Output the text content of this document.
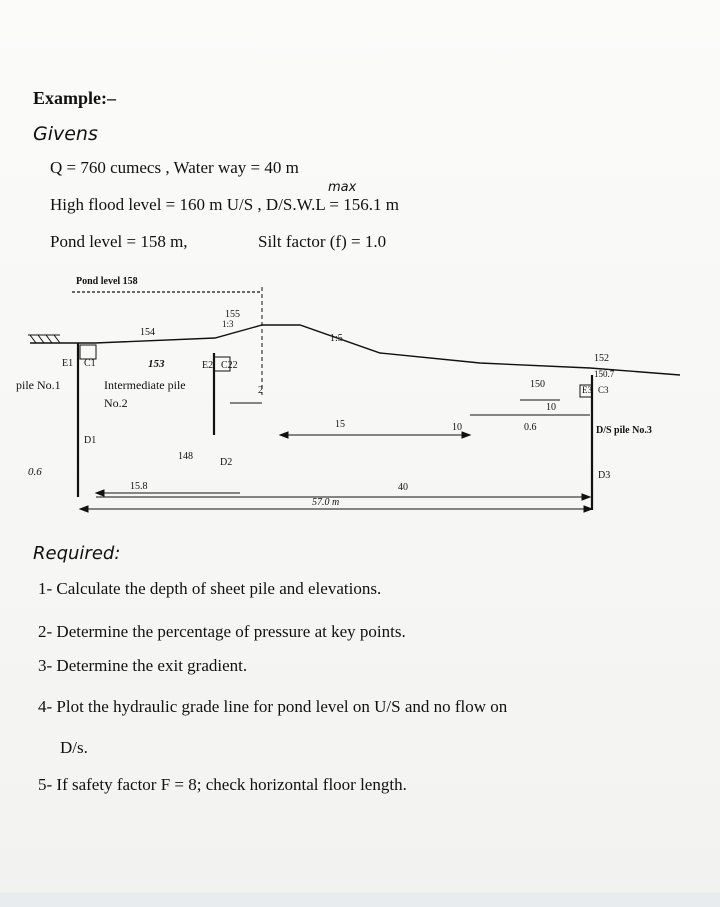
Example:–
Givens
Q = 760 cumecs , Water way = 40 m
max
High flood level = 160 m U/S , D/S.W.L = 156.1 m
Pond level = 158 m,	Silt factor (f) = 1.0
Pond level 158
154
155
1:3
1:5
153
E1 C1	E2 C22
pile No.1	Intermediate pile
No.2
D1
2
15	10
150
10
0.6
152
150.7
E3 C3
D/S pile No.3
148
D2
15.8	40
57.0 m
D3
0.6
Required:
1- Calculate the depth of sheet pile and elevations.
2- Determine the percentage of pressure at key points.
3- Determine the exit gradient.
4- Plot the hydraulic grade line for pond level on U/S and no flow on
D/s.
5- If safety factor F = 8; check horizontal floor length.
